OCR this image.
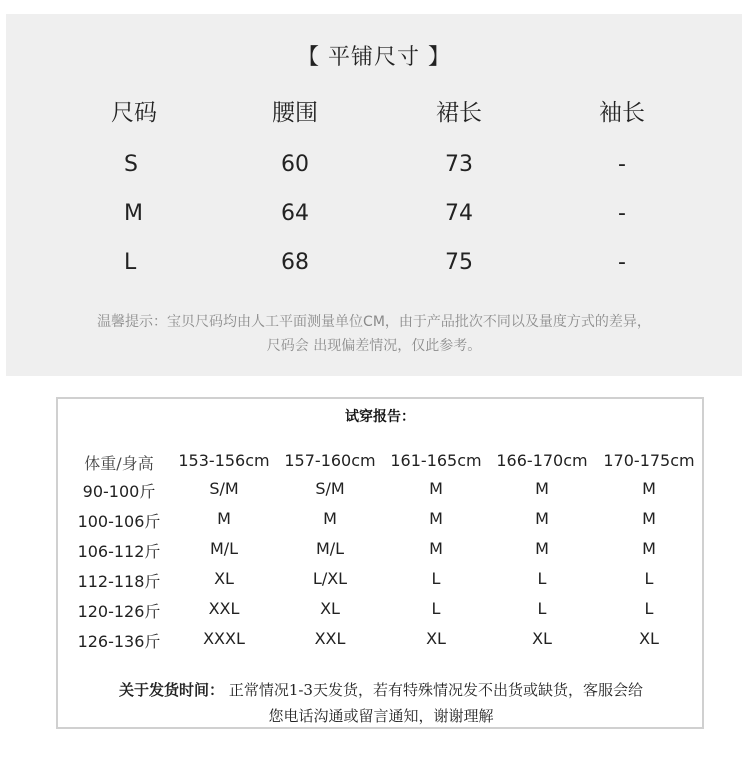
【 平铺尺寸 】
尺码	腰围	裙长	袖长
S	60	73	-
M	64	74	-
L	68	75	-
温馨提示：宝贝尺码均由人工平面测量单位CM，由于产品批次不同以及量度方式的差异，
尺码会 出现偏差情况，仅此参考。
试穿报告：
体重/身高	153-156cm 157-160cm 161-165cm 166-170cm 170-175cm
90-100斤	S/M	S/M	M	M	M
100-106斤	M	M	M	M	M
106-112斤	M/L	M/L	M	M	M
112-118斤	XL	L/XL	L	L	L
120-126斤	XXL	XL	L	L	L
126-136斤	XXXL	XXL	XL	XL	XL
关于发货时间： 正常情况1-3天发货，若有特殊情况发不出货或缺货，客服会给
您电话沟通或留言通知，谢谢理解
